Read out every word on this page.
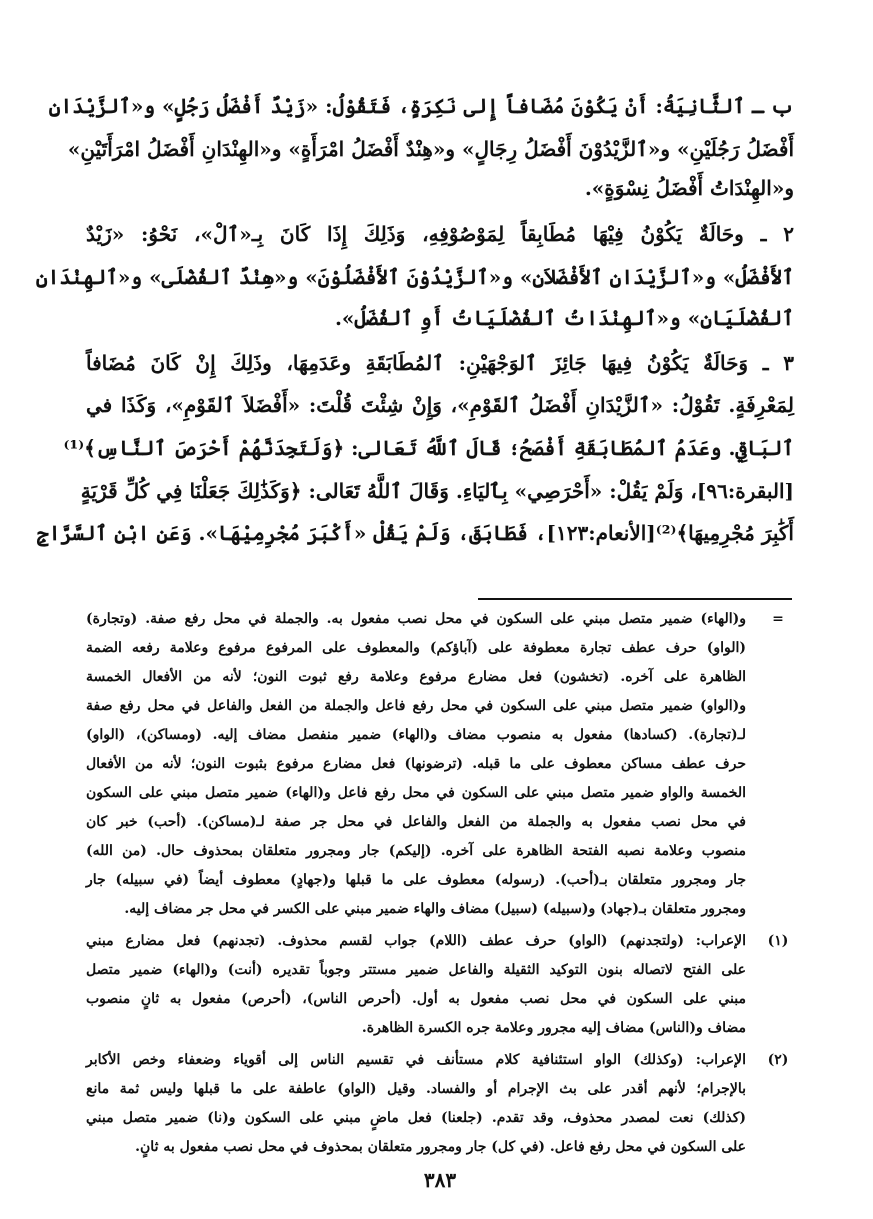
ب ـ ٱلثَّانِيَةُ: أَنْ يَكُوْنَ مُضَافاً إِلى نَكِرَةٍ، فَتَقُوْلُ: «زَيْدٌ أَفْضَلُ رَجُلٍ» و«ٱلزَّيْدَانِ
أَفْضَلُ رَجُلَيْنِ» و«ٱلزَّيْدُوْنَ أَفْضَلُ رِجَالٍ» و«هِنْدٌ أَفْضَلُ امْرَأَةٍ» و«الهِنْدَانِ أَفْضَلُ امْرَأَتَيْنِ»
و«الهِنْدَاتُ أَفْضَلُ نِسْوَةٍ».
٢ ـ وحَالَةٌ يَكُوْنُ فِيْهَا مُطَابِقاً لِمَوْصُوْفِهِ، وَذَلِكَ إِذَا كَانَ بِـ«ٱلْ»، نَحْوُ: «زَيْدٌ
ٱلأَفْضَلُ» و«ٱلزَّيْدَانِ ٱلأَفْضَلاَنِ» و«ٱلزَّيْدُوْنَ ٱلأَفْضَلُوْنَ» و«هِنْدٌ ٱلفُضْلَى» و«ٱلهِنْدَانِ
ٱلفُضْلَيَانِ» و«ٱلهِنْدَاتُ ٱلفُضْلَيَاتُ أَوِ ٱلفُضَلُ».
٣ ـ وَحَالَةٌ يَكُوْنُ فِيهَا جَائِزَ ٱلوَجْهَيْنِ: ٱلمُطَابَقَةِ وعَدَمِهَا، وذَلِكَ إِنْ كَانَ مُضَافاً
لِمَعْرِفَةٍ. تَقُوْلُ: «ٱلزَّيْدَانِ أَفْضَلُ ٱلقَوْمِ»، وَإِنْ شِئْتَ قُلْتَ: «أَفْضَلاَ ٱلقَوْمِ»، وَكَذَا في
ٱلبَاقِي. وعَدَمُ ٱلمُطَابَقَةِ أَفْصَحُ؛ قَالَ ٱللَّهُ تَعَالى: ﴿وَلَتَجِدَنَّهُمْ أَحْرَصَ ٱلنَّاسِ﴾⁽¹⁾
[البقرة:٩٦]، وَلَمْ يَقُلْ: «أَحْرَصِي» بِٱليَاءِ. وَقَالَ ٱللَّهُ تَعَالى: ﴿وَكَذَٰلِكَ جَعَلْنَا فِي كُلِّ قَرْيَةٍ
أَكَٰبِرَ مُجْرِمِيهَا﴾⁽²⁾[الأنعام:١٢٣]، فَطَابَقَ، وَلَمْ يَقُلْ «أَكْبَرَ مُجْرِمِيْهَا». وَعَنِ ابْنِ ٱلسَّرَّاجِ
=
و(الهاء) ضمير متصل مبني على السكون في محل نصب مفعول به. والجملة في محل رفع صفة. (وتجارة)
(الواو) حرف عطف تجارة معطوفة على (آباؤكم) والمعطوف على المرفوع مرفوع وعلامة رفعه الضمة
الظاهرة على آخره. (تخشون) فعل مضارع مرفوع وعلامة رفع ثبوت النون؛ لأنه من الأفعال الخمسة
و(الواو) ضمير متصل مبني على السكون في محل رفع فاعل والجملة من الفعل والفاعل في محل رفع صفة
لـ(تجارة). (كسادها) مفعول به منصوب مضاف و(الهاء) ضمير منفصل مضاف إليه. (ومساكن)، (الواو)
حرف عطف مساكن معطوف على ما قبله. (ترضونها) فعل مضارع مرفوع بثبوت النون؛ لأنه من الأفعال
الخمسة والواو ضمير متصل مبني على السكون في محل رفع فاعل و(الهاء) ضمير متصل مبني على السكون
في محل نصب مفعول به والجملة من الفعل والفاعل في محل جر صفة لـ(مساكن). (أحب) خبر كان
منصوب وعلامة نصبه الفتحة الظاهرة على آخره. (إليكم) جار ومجرور متعلقان بمحذوف حال. (من الله)
جار ومجرور متعلقان بـ(أحب). (رسوله) معطوف على ما قبلها و(جهادٍ) معطوف أيضاً (في سبيله) جار
ومجرور متعلقان بـ(جهاد) و(سبيله) (سبيل) مضاف والهاء ضمير مبني على الكسر في محل جر مضاف إليه.
(١)
الإعراب: (ولتجدنهم) (الواو) حرف عطف (اللام) جواب لقسم محذوف. (تجدنهم) فعل مضارع مبني
على الفتح لاتصاله بنون التوكيد الثقيلة والفاعل ضمير مستتر وجوباً تقديره (أنت) و(الهاء) ضمير متصل
مبني على السكون في محل نصب مفعول به أول. (أحرص الناس)، (أحرص) مفعول به ثانٍ منصوب
مضاف و(الناس) مضاف إليه مجرور وعلامة جره الكسرة الظاهرة.
(٢)
الإعراب: (وكذلك) الواو استئنافية كلام مستأنف في تقسيم الناس إلى أقوياء وضعفاء وخص الأكابر
بالإجرام؛ لأنهم أقدر على بث الإجرام أو والفساد. وقيل (الواو) عاطفة على ما قبلها وليس ثمة مانع
(كذلك) نعت لمصدر محذوف، وقد تقدم. (جلعنا) فعل ماضٍ مبني على السكون و(نا) ضمير متصل مبني
على السكون في محل رفع فاعل. (في كل) جار ومجرور متعلقان بمحذوف في محل نصب مفعول به ثانٍ.
٣٨٣
